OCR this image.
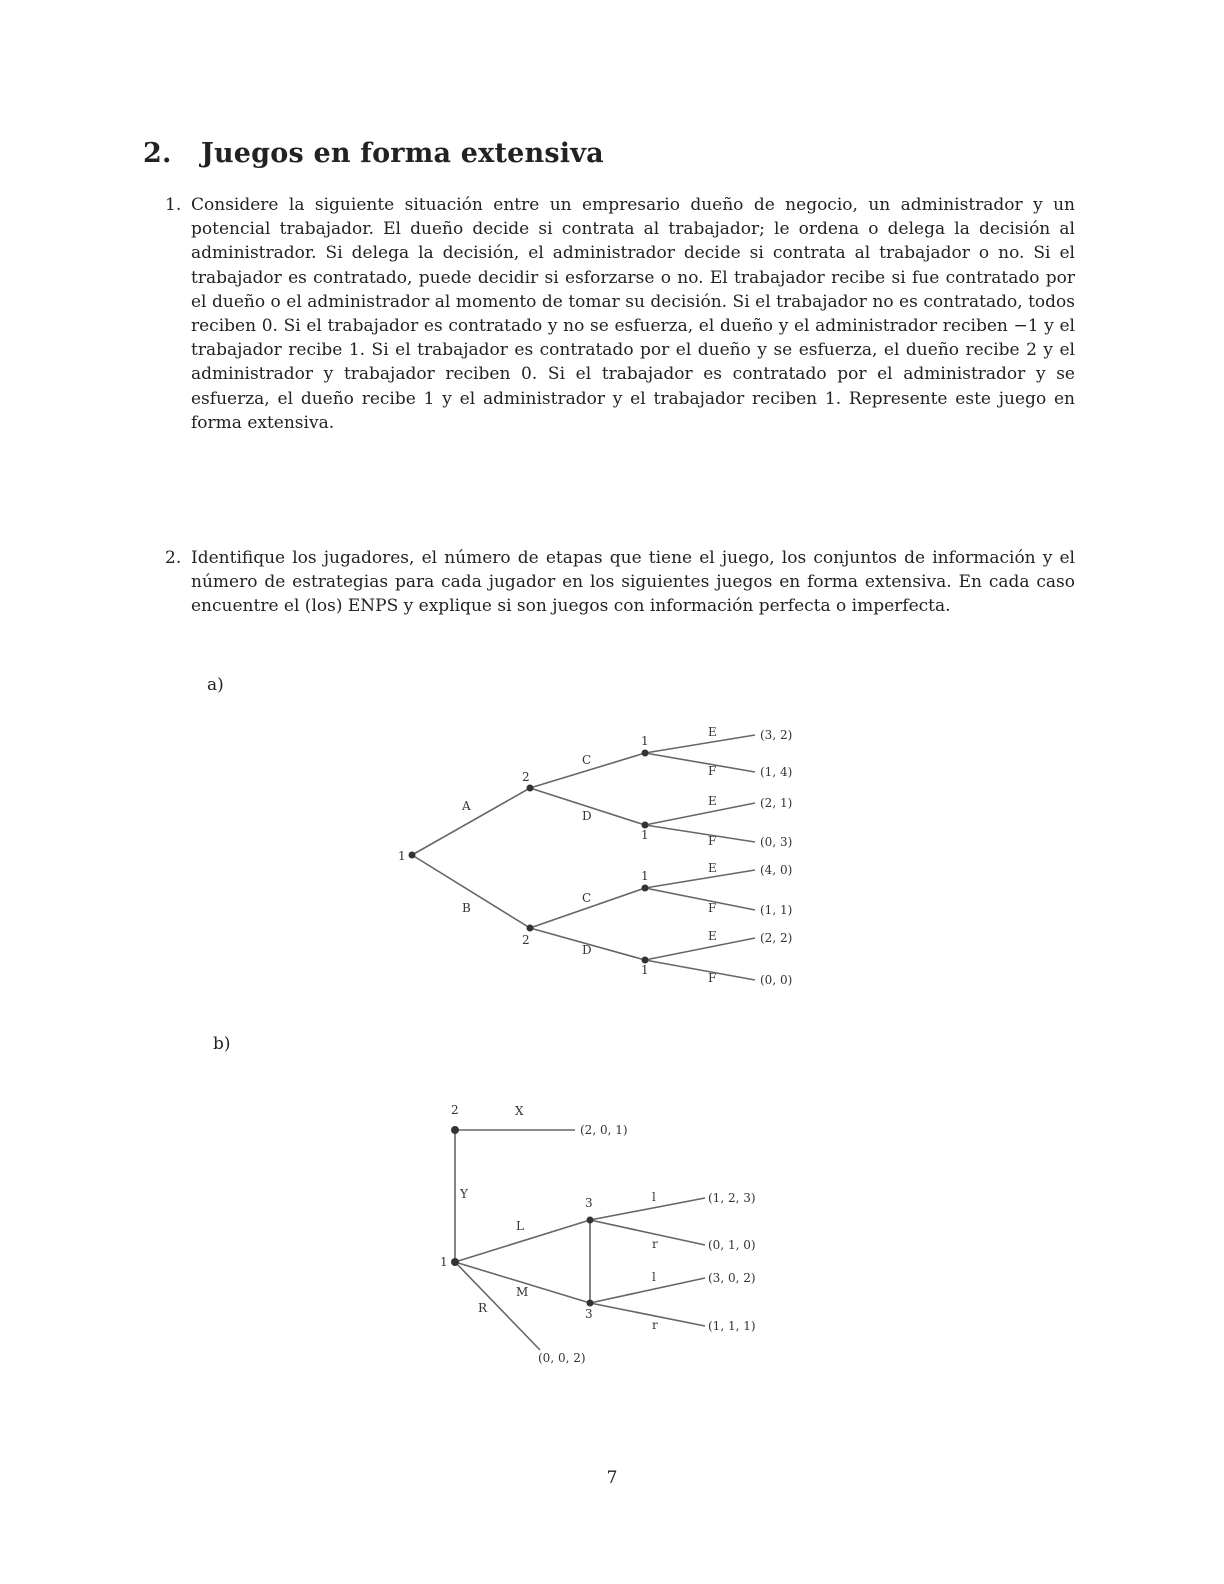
2. Juegos en forma extensiva
1. Considere la siguiente situación entre un empresario dueño de negocio, un administrador y un potencial trabajador. El dueño decide si contrata al trabajador; le ordena o delega la decisión al administrador. Si delega la decisión, el administrador decide si contrata al trabajador o no. Si el trabajador es contratado, puede decidir si esforzarse o no. El trabajador recibe si fue contratado por el dueño o el administrador al momento de tomar su decisión. Si el trabajador no es contratado, todos reciben 0. Si el trabajador es contratado y no se esfuerza, el dueño y el administrador reciben −1 y el trabajador recibe 1. Si el trabajador es contratado por el dueño y se esfuerza, el dueño recibe 2 y el administrador y trabajador reciben 0. Si el trabajador es contratado por el administrador y se esfuerza, el dueño recibe 1 y el administrador y el trabajador reciben 1. Represente este juego en forma extensiva.
2. Identifique los jugadores, el número de etapas que tiene el juego, los conjuntos de información y el número de estrategias para cada jugador en los siguientes juegos en forma extensiva. En cada caso encuentre el (los) ENPS y explique si son juegos con información perfecta o imperfecta.
a)
b)
1
2
2
1
1
1
1
A
B
C
D
C
D
E
F
E
F
E
F
E
F
(3, 2)
(1, 4)
(2, 1)
(0, 3)
(4, 0)
(1, 1)
(2, 2)
(0, 0)
2
1
3
3
X
(2, 0, 1)
Y
L
M
R
l
r
l
r
(1, 2, 3)
(0, 1, 0)
(3, 0, 2)
(1, 1, 1)
(0, 0, 2)
7
